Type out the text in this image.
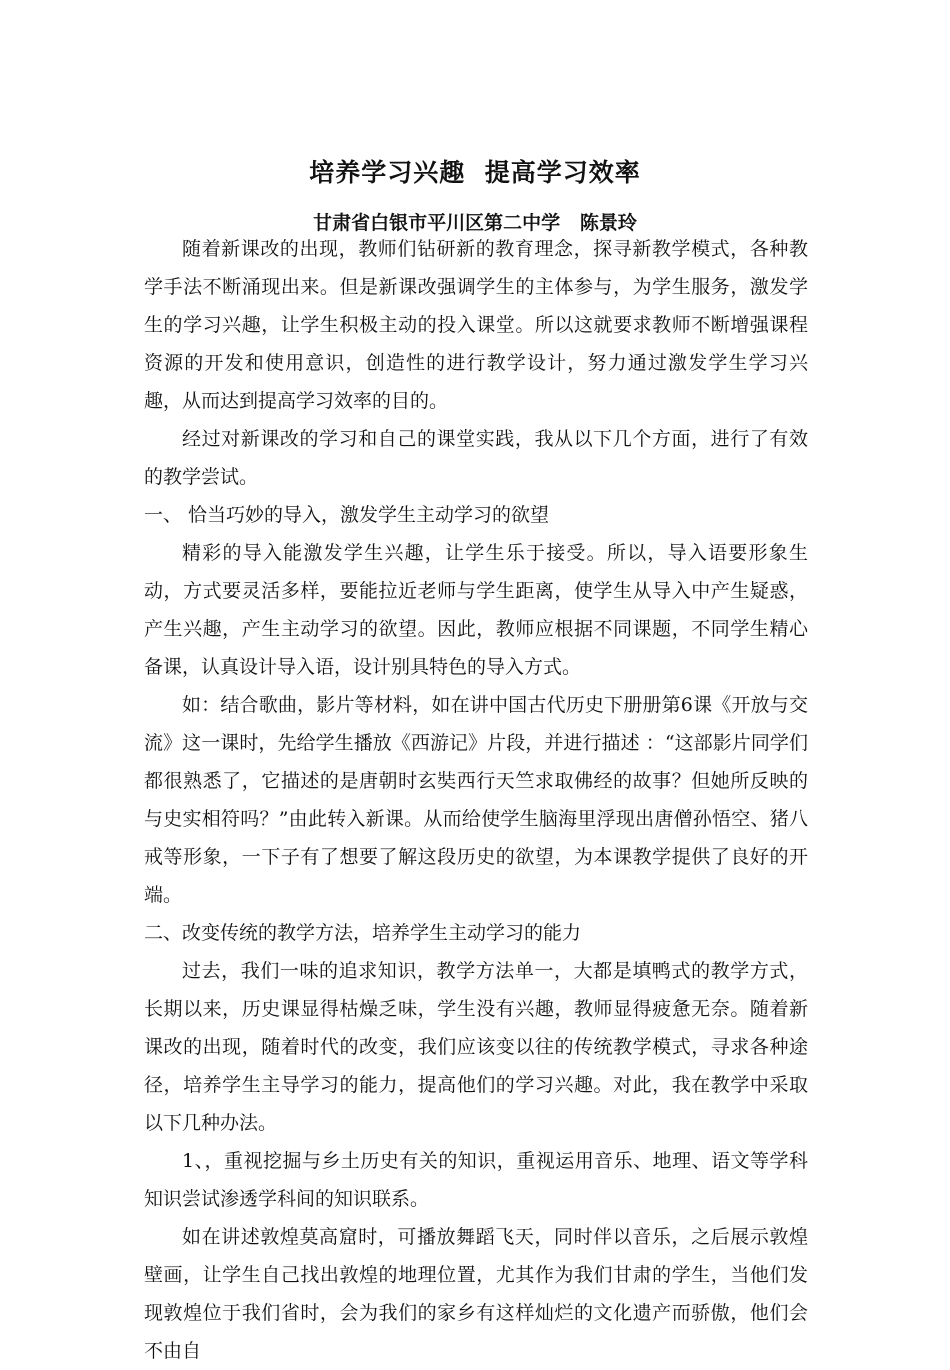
培养学习兴趣  提高学习效率
甘肃省白银市平川区第二中学   陈景玲

随着新课改的出现，教师们钻研新的教育理念，探寻新教学模式，各种教学手法不断涌现出来。但是新课改强调学生的主体参与，为学生服务，激发学生的学习兴趣，让学生积极主动的投入课堂。所以这就要求教师不断增强课程资源的开发和使用意识，创造性的进行教学设计，努力通过激发学生学习兴趣，从而达到提高学习效率的目的。

经过对新课改的学习和自己的课堂实践，我从以下几个方面，进行了有效的教学尝试。

一、 恰当巧妙的导入，激发学生主动学习的欲望

精彩的导入能激发学生兴趣，让学生乐于接受。所以，导入语要形象生动，方式要灵活多样，要能拉近老师与学生距离，使学生从导入中产生疑惑，产生兴趣，产生主动学习的欲望。因此，教师应根据不同课题，不同学生精心备课，认真设计导入语，设计别具特色的导入方式。

如：结合歌曲，影片等材料，如在讲中国古代历史下册册第6课《开放与交流》这一课时，先给学生播放《西游记》片段，并进行描述 ：“这部影片同学们都很熟悉了，它描述的是唐朝时玄奘西行天竺求取佛经的故事？但她所反映的与史实相符吗？”由此转入新课。从而给使学生脑海里浮现出唐僧孙悟空、猪八戒等形象，一下子有了想要了解这段历史的欲望，为本课教学提供了良好的开端。

二、改变传统的教学方法，培养学生主动学习的能力

过去，我们一味的追求知识，教学方法单一，大都是填鸭式的教学方式，长期以来，历史课显得枯燥乏味，学生没有兴趣，教师显得疲惫无奈。随着新课改的出现，随着时代的改变，我们应该变以往的传统教学模式，寻求各种途径，培养学生主导学习的能力，提高他们的学习兴趣。对此，我在教学中采取以下几种办法。

1、，重视挖掘与乡土历史有关的知识，重视运用音乐、地理、语文等学科知识尝试渗透学科间的知识联系。

如在讲述敦煌莫高窟时，可播放舞蹈飞天，同时伴以音乐，之后展示敦煌壁画，让学生自己找出敦煌的地理位置，尤其作为我们甘肃的学生，当他们发现敦煌位于我们省时，会为我们的家乡有这样灿烂的文化遗产而骄傲，他们会不由自
